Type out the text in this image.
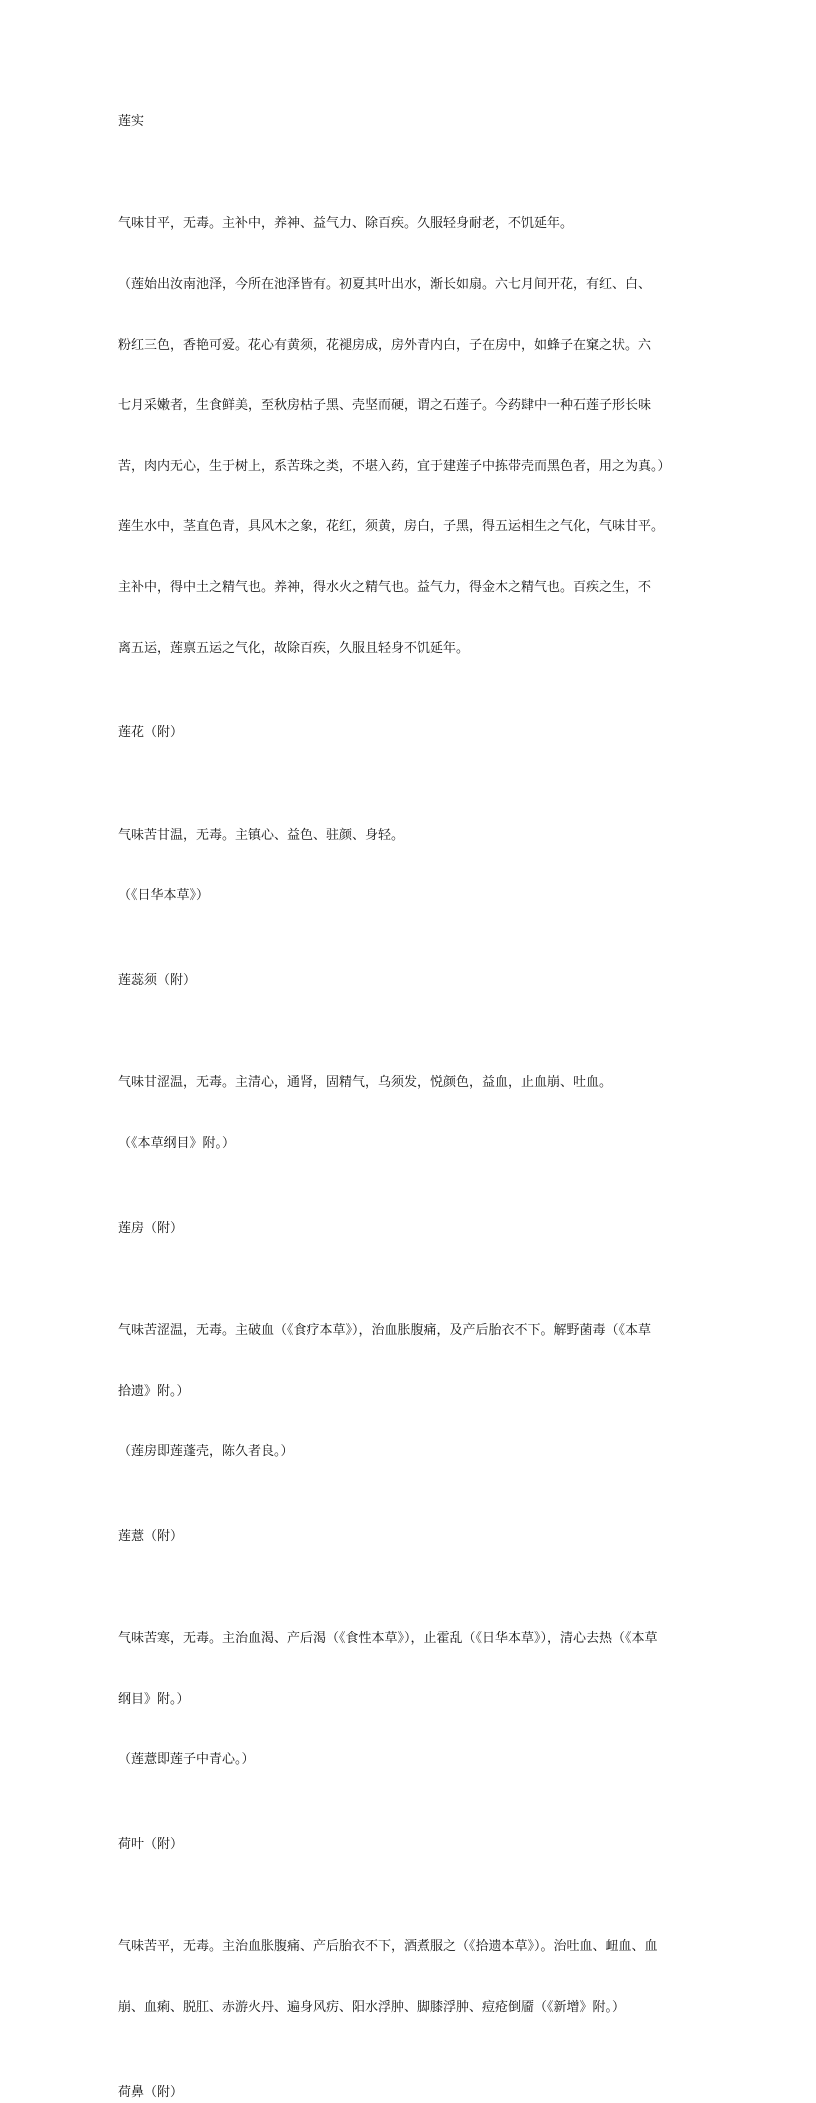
莲实

气味甘平，无毒。主补中，养神、益气力、除百疾。久服轻身耐老，不饥延年。

（莲始出汝南池泽，今所在池泽皆有。初夏其叶出水，渐长如扇。六七月间开花，有红、白、

粉红三色，香艳可爱。花心有黄须，花褪房成，房外青内白，子在房中，如蜂子在窠之状。六

七月采嫩者，生食鲜美，至秋房枯子黑、壳坚而硬，谓之石莲子。今药肆中一种石莲子形长味

苦，肉内无心，生于树上，系苦珠之类，不堪入药，宜于建莲子中拣带壳而黑色者，用之为真。）

莲生水中，茎直色青，具风木之象，花红，须黄，房白，子黑，得五运相生之气化，气味甘平。

主补中，得中土之精气也。养神，得水火之精气也。益气力，得金木之精气也。百疾之生，不

离五运，莲禀五运之气化，故除百疾，久服且轻身不饥延年。

莲花（附）

气味苦甘温，无毒。主镇心、益色、驻颜、身轻。

（《日华本草》）

莲蕊须（附）

气味甘涩温，无毒。主清心，通肾，固精气，乌须发，悦颜色，益血，止血崩、吐血。

（《本草纲目》附。）

莲房（附）

气味苦涩温，无毒。主破血（《食疗本草》），治血胀腹痛，及产后胎衣不下。解野菌毒（《本草

拾遗》附。）

（莲房即莲蓬壳，陈久者良。）

莲薏（附）

气味苦寒，无毒。主治血渴、产后渴（《食性本草》），止霍乱（《日华本草》），清心去热（《本草

纲目》附。）

（莲薏即莲子中青心。）

荷叶（附）

气味苦平，无毒。主治血胀腹痛、产后胎衣不下，酒煮服之（《拾遗本草》）。治吐血、衄血、血

崩、血痢、脱肛、赤游火丹、遍身风疠、阳水浮肿、脚膝浮肿、痘疮倒靥（《新增》附。）

荷鼻（附）
